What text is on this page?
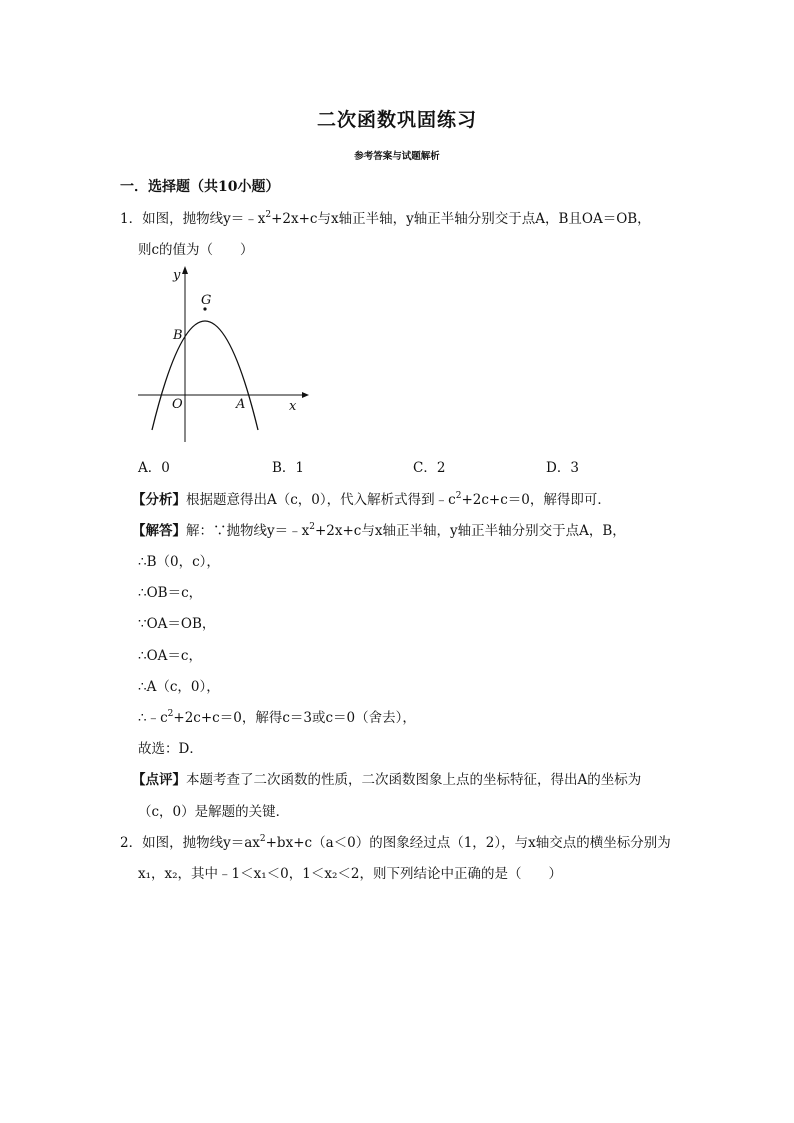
二次函数巩固练习
参考答案与试题解析
一．选择题（共10小题）
1．如图，抛物线$y=﹣x^2+2x+c$与x轴正半轴，y轴正半轴分别交于点A，B且OA＝OB，
则c的值为（　　）
y
x
G
B
O	A
A．0	B．1	C．2	D．3
【分析】根据题意得出A（c，0），代入解析式得到$﹣c^2+2c+c=0$，解得即可．
【解答】解：∵抛物线$y=﹣x^2+2x+c$与x轴正半轴，y轴正半轴分别交于点A，B，
∴B（0，c），
∴OB＝c，
∵OA＝OB，
∴OA＝c，
∴A（c，0），
$\therefore﹣c^2+2c+c=0$，解得c＝3或c＝0（舍去），
故选：D．
【点评】本题考查了二次函数的性质，二次函数图象上点的坐标特征，得出A的坐标为
（c，0）是解题的关键．
2．如图，抛物线$y=ax^2+bx+c(a<0)$的图象经过点（1，2），与x轴交点的横坐标分别为
x₁，x₂，其中﹣1＜x₁＜0，1＜x₂＜2，则下列结论中正确的是（　　）
